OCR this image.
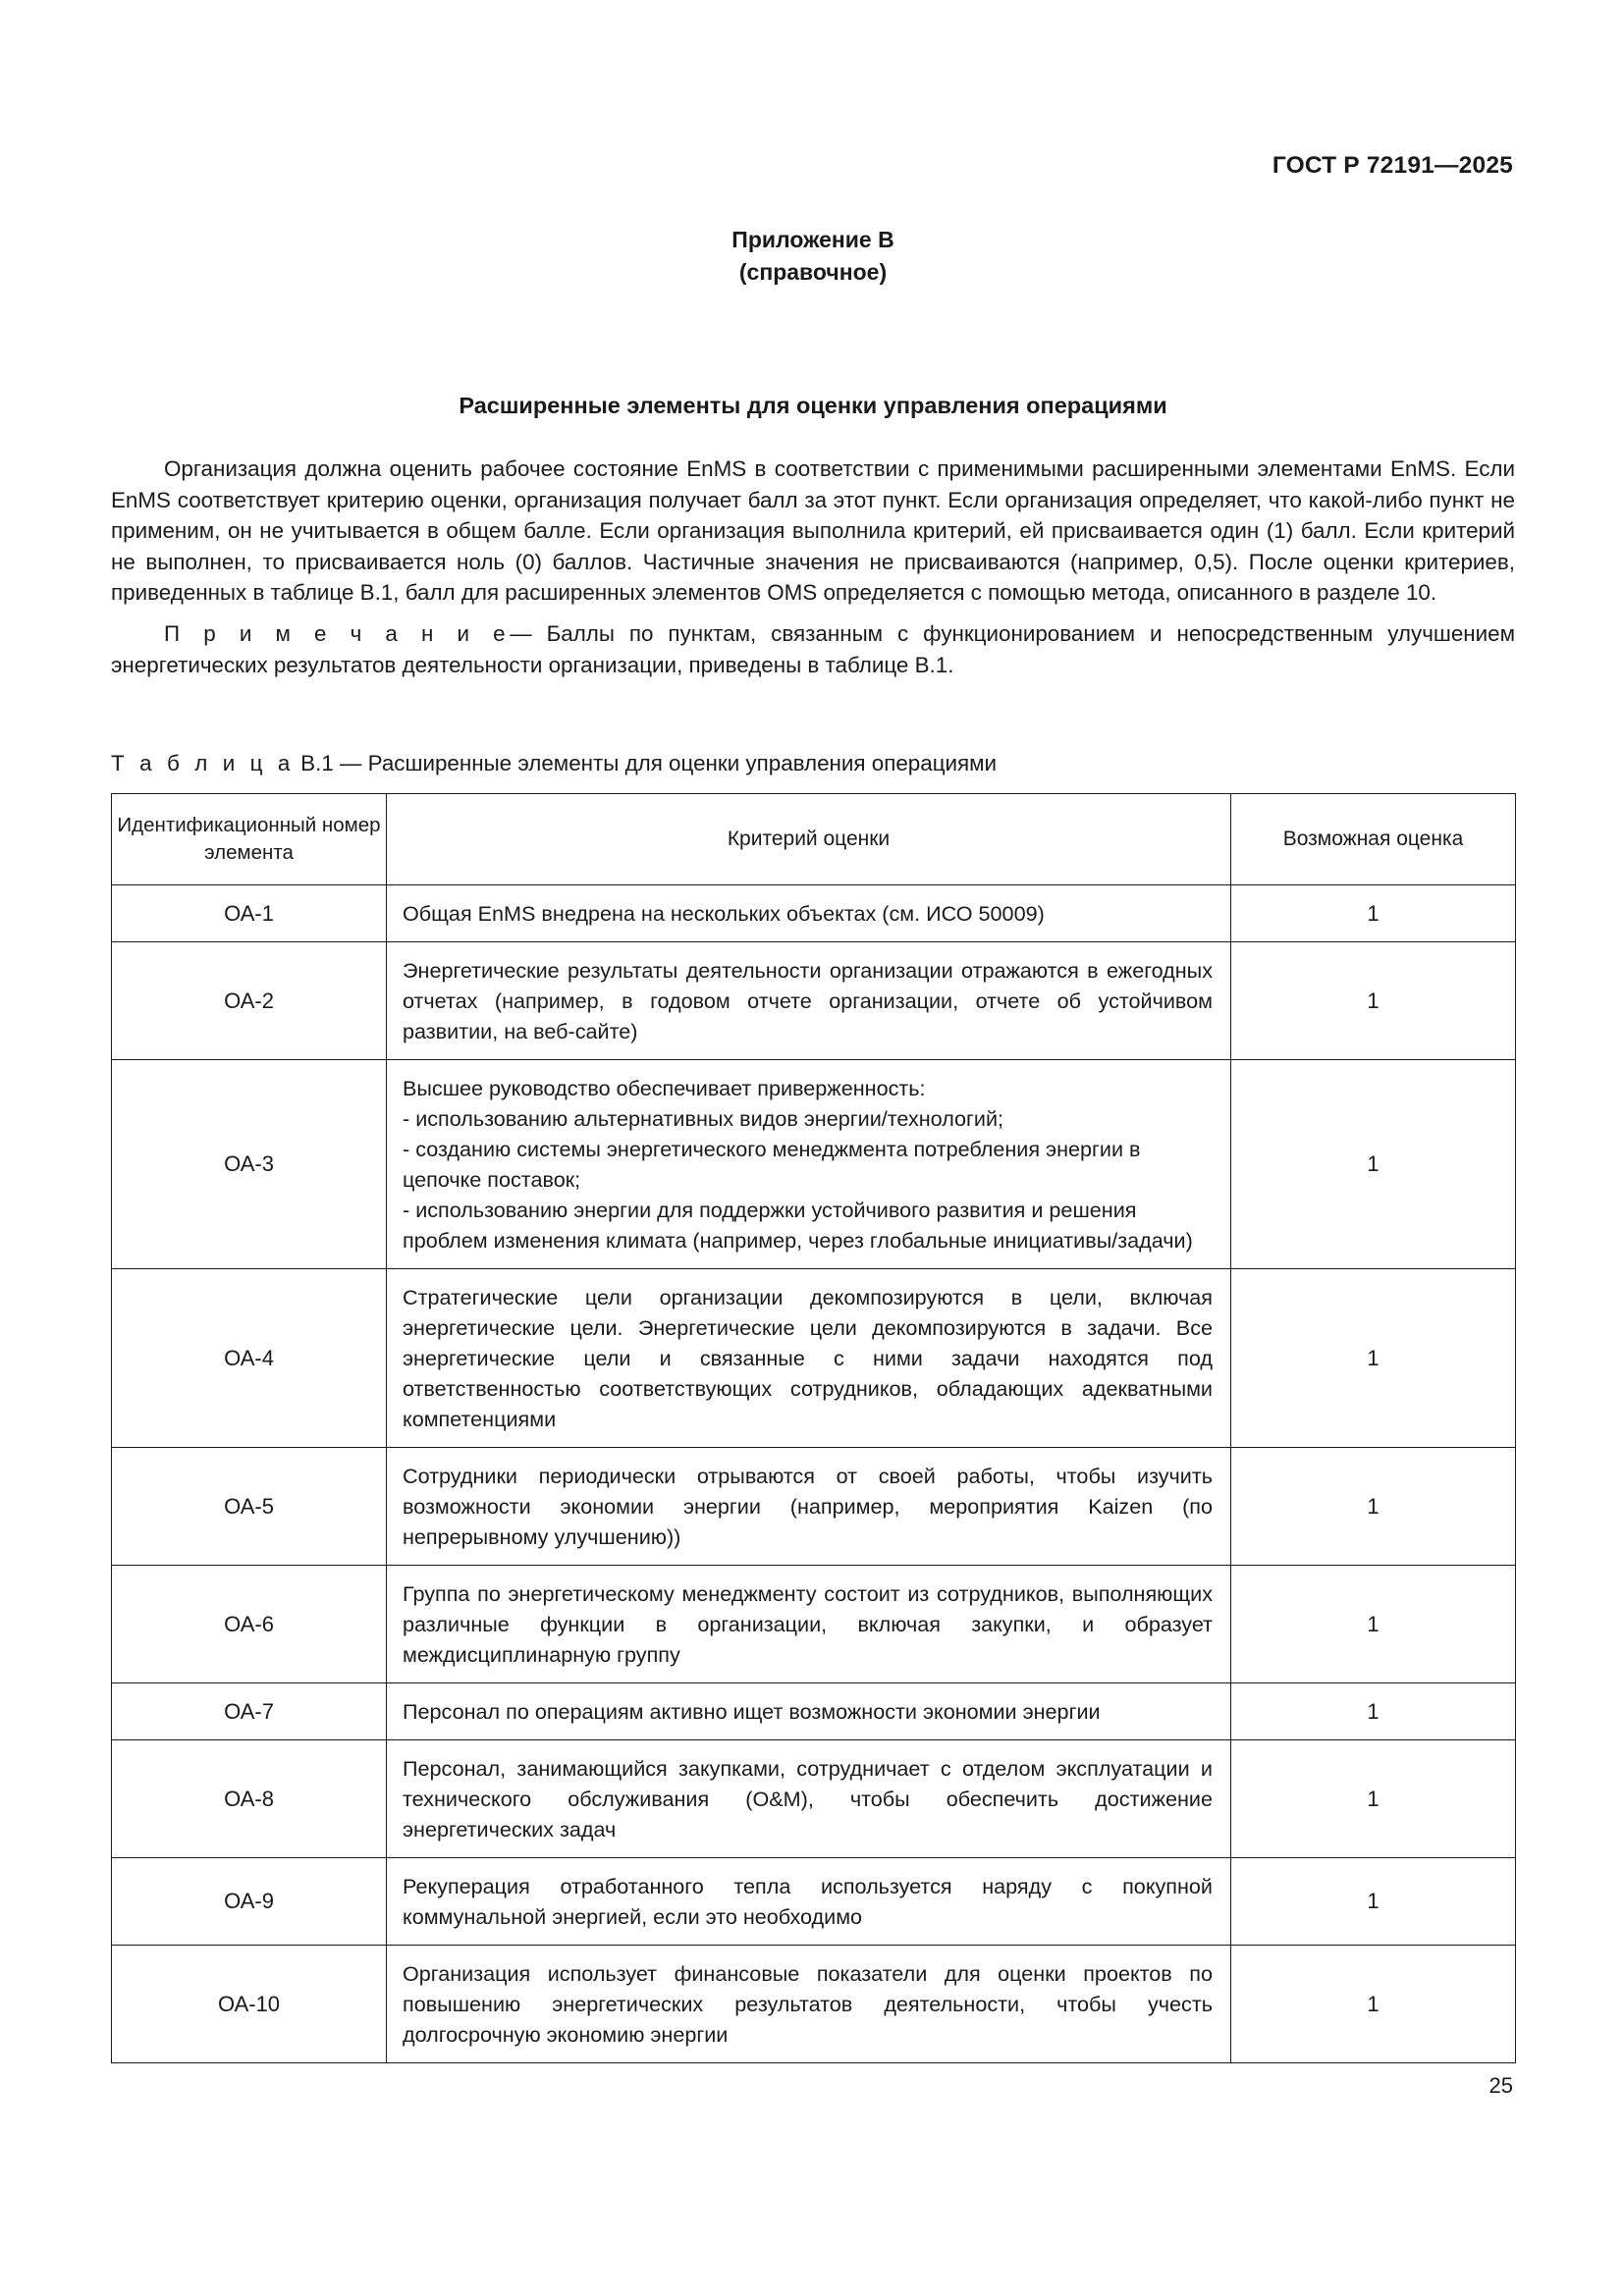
ГОСТ Р 72191—2025
Приложение В
(справочное)
Расширенные элементы для оценки управления операциями

Организация должна оценить рабочее состояние EnMS в соответствии с применимыми расширенными элементами EnMS. Если EnMS соответствует критерию оценки, организация получает балл за этот пункт. Если организация определяет, что какой-либо пункт не применим, он не учитывается в общем балле. Если организация выполнила критерий, ей присваивается один (1) балл. Если критерий не выполнен, то присваивается ноль (0) баллов. Частичные значения не присваиваются (например, 0,5). После оценки критериев, приведенных в таблице В.1, балл для расширенных элементов OMS определяется с помощью метода, описанного в разделе 10.

П р и м е ч а н и е— Баллы по пунктам, связанным с функционированием и непосредственным улучшением энергетических результатов деятельности организации, приведены в таблице В.1.

Т а б л и ц а В.1 — Расширенные элементы для оценки управления операциями
Идентификационный номер элемента	Критерий оценки	Возможная оценка
ОА-1	Общая EnMS внедрена на нескольких объектах (см. ИСО 50009)	1
ОА-2	Энергетические результаты деятельности организации отражаются в ежегодных отчетах (например, в годовом отчете организации, отчете об устойчивом развитии, на веб-сайте)	1
ОА-3	Высшее руководство обеспечивает приверженность:
- использованию альтернативных видов энергии/технологий;
- созданию системы энергетического менеджмента потребления энергии в цепочке поставок;
- использованию энергии для поддержки устойчивого развития и решения проблем изменения климата (например, через глобальные инициативы/задачи)	1
ОА-4	Стратегические цели организации декомпозируются в цели, включая энергетические цели. Энергетические цели декомпозируются в задачи. Все энергетические цели и связанные с ними задачи находятся под ответственностью соответствующих сотрудников, обладающих адекватными компетенциями	1
ОА-5	Сотрудники периодически отрываются от своей работы, чтобы изучить возможности экономии энергии (например, мероприятия Kaizen (по непрерывному улучшению))	1
ОА-6	Группа по энергетическому менеджменту состоит из сотрудников, выполняющих различные функции в организации, включая закупки, и образует междисциплинарную группу	1
ОА-7	Персонал по операциям активно ищет возможности экономии энергии	1
ОА-8	Персонал, занимающийся закупками, сотрудничает с отделом эксплуатации и технического обслуживания (O&M), чтобы обеспечить достижение энергетических задач	1
ОА-9	Рекуперация отработанного тепла используется наряду с покупной коммунальной энергией, если это необходимо	1
ОА-10	Организация использует финансовые показатели для оценки проектов по повышению энергетических результатов деятельности, чтобы учесть долгосрочную экономию энергии	1
25
